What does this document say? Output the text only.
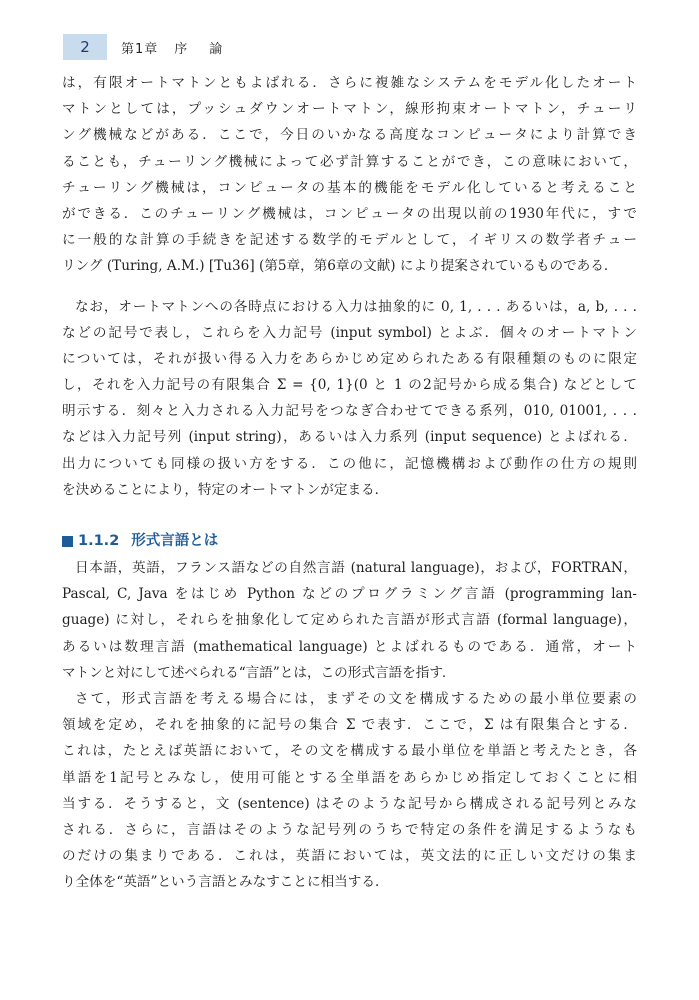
2	第1章 序論
は，有限オートマトンともよばれる．さらに複雑なシステムをモデル化したオート
マトンとしては，プッシュダウンオートマトン，線形拘束オートマトン，チューリ
ング機械などがある．ここで，今日のいかなる高度なコンピュータにより計算でき
ることも，チューリング機械によって必ず計算することができ，この意味において，
チューリング機械は，コンピュータの基本的機能をモデル化していると考えること
ができる．このチューリング機械は，コンピュータの出現以前の1930年代に，すで
に一般的な計算の手続きを記述する数学的モデルとして，イギリスの数学者チュー
リング (Turing, A.M.) [Tu36] (第5章，第6章の文献) により提案されているものである．
なお，オートマトンへの各時点における入力は抽象的に 0, 1, . . . あるいは，a, b, . . .
などの記号で表し，これらを入力記号 (input symbol) とよぶ．個々のオートマトン
については，それが扱い得る入力をあらかじめ定められたある有限種類のものに限定
し，それを入力記号の有限集合 Σ = {0, 1}(0 と 1 の2記号から成る集合) などとして
明示する．刻々と入力される入力記号をつなぎ合わせてできる系列，010, 01001, . . .
などは入力記号列 (input string)，あるいは入力系列 (input sequence) とよばれる．
出力についても同様の扱い方をする．この他に，記憶機構および動作の仕方の規則
を決めることにより，特定のオートマトンが定まる．
1.1.2 形式言語とは
日本語，英語，フランス語などの自然言語 (natural language)，および，FORTRAN，
Pascal, C, Java をはじめ Python などのプログラミング言語 (programming lan-
guage) に対し，それらを抽象化して定められた言語が形式言語 (formal language)，
あるいは数理言語 (mathematical language) とよばれるものである．通常，オート
マトンと対にして述べられる“言語”とは，この形式言語を指す．
さて，形式言語を考える場合には，まずその文を構成するための最小単位要素の
領域を定め，それを抽象的に記号の集合 Σ で表す．ここで，Σ は有限集合とする．
これは，たとえば英語において，その文を構成する最小単位を単語と考えたとき，各
単語を1記号とみなし，使用可能とする全単語をあらかじめ指定しておくことに相
当する．そうすると，文 (sentence) はそのような記号から構成される記号列とみな
される．さらに，言語はそのような記号列のうちで特定の条件を満足するようなも
のだけの集まりである．これは，英語においては，英文法的に正しい文だけの集ま
り全体を“英語”という言語とみなすことに相当する．
